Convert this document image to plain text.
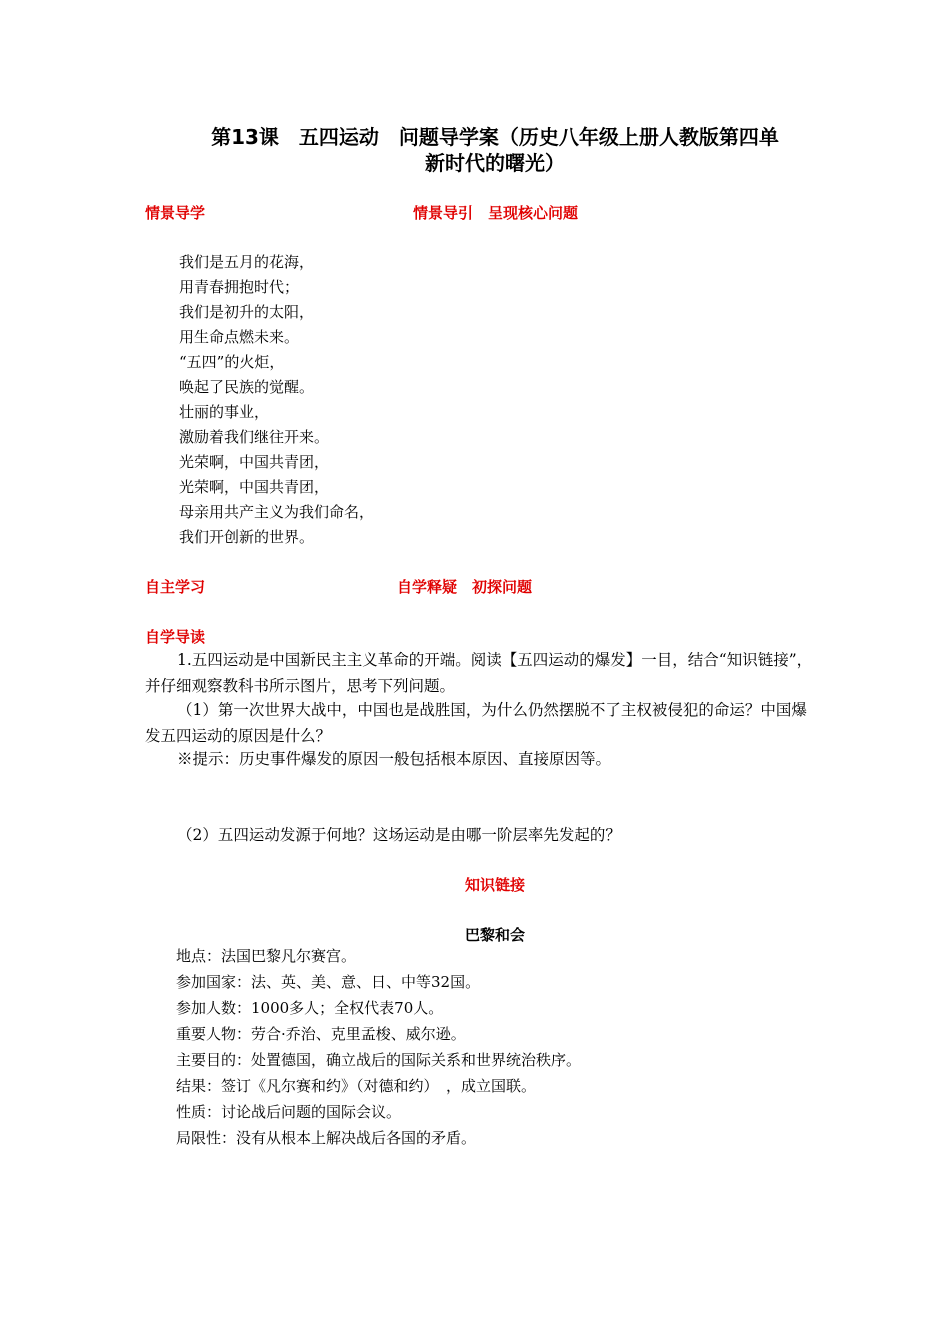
第13课　五四运动　问题导学案（历史八年级上册人教版第四单
新时代的曙光）
情景导学	情景导引　呈现核心问题
我们是五月的花海，
用青春拥抱时代；
我们是初升的太阳，
用生命点燃未来。
“五四”的火炬，
唤起了民族的觉醒。
壮丽的事业，
激励着我们继往开来。
光荣啊，中国共青团，
光荣啊，中国共青团，
母亲用共产主义为我们命名，
我们开创新的世界。
自主学习	自学释疑　初探问题
自学导读
1.五四运动是中国新民主主义革命的开端。阅读【五四运动的爆发】一目，结合“知识链接”，并仔细观察教科书所示图片，思考下列问题。
（1）第一次世界大战中，中国也是战胜国，为什么仍然摆脱不了主权被侵犯的命运？中国爆发五四运动的原因是什么？
※提示：历史事件爆发的原因一般包括根本原因、直接原因等。
（2）五四运动发源于何地？这场运动是由哪一阶层率先发起的？
知识链接
巴黎和会
地点：法国巴黎凡尔赛宫。
参加国家：法、英、美、意、日、中等32国。
参加人数：1000多人；全权代表70人。
重要人物：劳合·乔治、克里孟梭、威尔逊。
主要目的：处置德国，确立战后的国际关系和世界统治秩序。
结果：签订《凡尔赛和约》（对德和约）　，成立国联。
性质：讨论战后问题的国际会议。
局限性：没有从根本上解决战后各国的矛盾。
